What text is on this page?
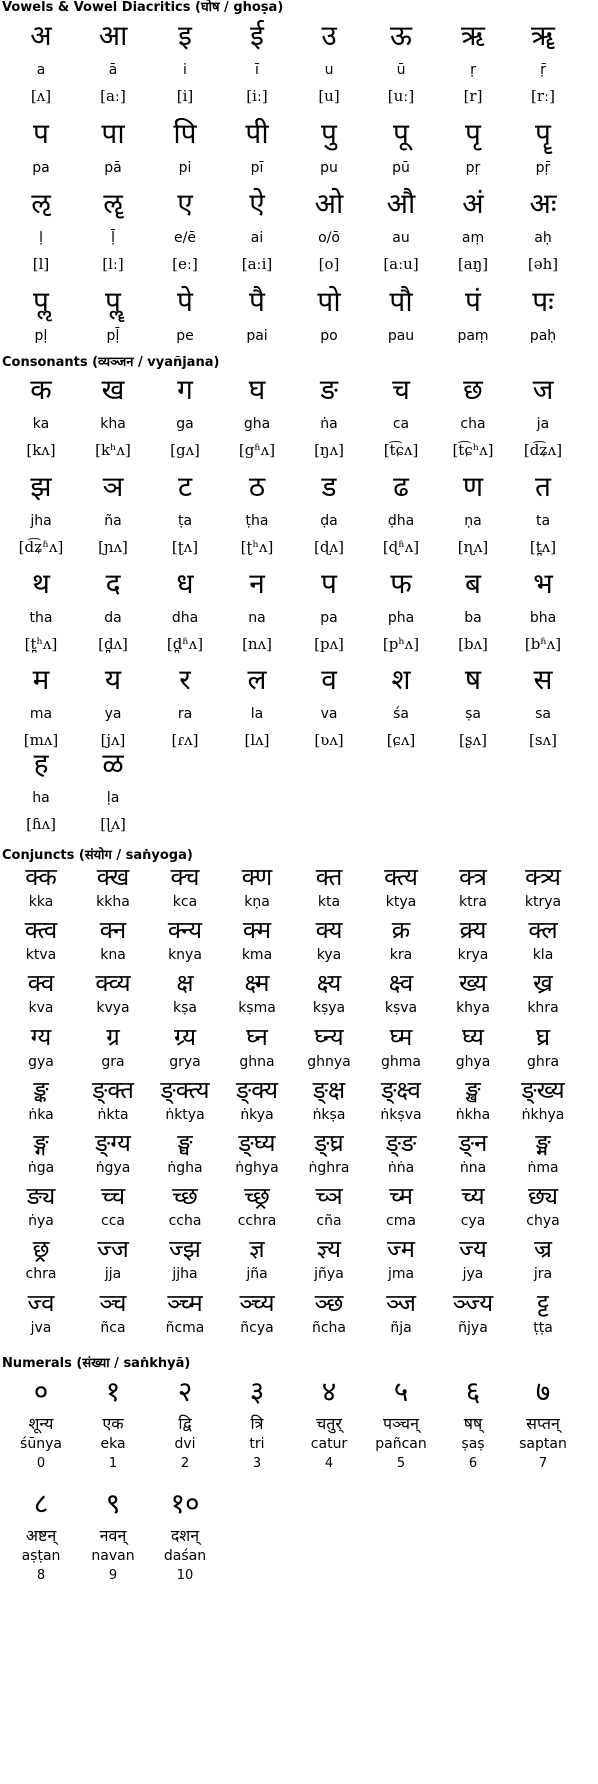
Vowels & Vowel Diacritics (घोष / ghoṣa)
अ
a
[ʌ]
आ
ā
[aː]
इ
i
[i]
ई
ī
[iː]
उ
u
[u]
ऊ
ū
[uː]
ऋ
ṛ
[r]
ॠ
ṝ
[rː]
प
pa
पा
pā
पि
pi
पी
pī
पु
pu
पू
pū
पृ
pṛ
पॄ
pṝ
ऌ
ḷ
[l]
ॡ
ḹ
[lː]
ए
e/ē
[eː]
ऐ
ai
[aːi]
ओ
o/ō
[o]
औ
au
[aːu]
अं
aṃ
[aŋ]
अः
aḥ
[əh]
पॢ
pḷ
पॣ
pḹ
पे
pe
पै
pai
पो
po
पौ
pau
पं
paṃ
पः
paḥ
Consonants (व्यञ्जन / vyañjana)
क
ka
[kʌ]
ख
kha
[kʰʌ]
ग
ga
[gʌ]
घ
gha
[gʱʌ]
ङ
ṅa
[ŋʌ]
च
ca
[t͡ɕʌ]
छ
cha
[t͡ɕʰʌ]
ज
ja
[d͡ʑʌ]
झ
jha
[d͡ʑʱʌ]
ञ
ña
[ɲʌ]
ट
ṭa
[ʈʌ]
ठ
ṭha
[ʈʰʌ]
ड
ḍa
[ɖʌ]
ढ
ḍha
[ɖʱʌ]
ण
ṇa
[ɳʌ]
त
ta
[t̪ʌ]
थ
tha
[t̪ʰʌ]
द
da
[d̪ʌ]
ध
dha
[d̪ʱʌ]
न
na
[nʌ]
प
pa
[pʌ]
फ
pha
[pʰʌ]
ब
ba
[bʌ]
भ
bha
[bʱʌ]
म
ma
[mʌ]
य
ya
[jʌ]
र
ra
[ɾʌ]
ल
la
[lʌ]
व
va
[ʋʌ]
श
śa
[ɕʌ]
ष
ṣa
[ʂʌ]
स
sa
[sʌ]
ह
ha
[ɦʌ]
ळ
ḷa
[ɭʌ]
Conjuncts (संयोग / saṅyoga)
क्क
kka
क्ख
kkha
क्च
kca
क्ण
kṇa
क्त
kta
क्त्य
ktya
क्त्र
ktra
क्त्र्य
ktrya
क्त्व
ktva
क्न
kna
क्न्य
knya
क्म
kma
क्य
kya
क्र
kra
क्र्य
krya
क्ल
kla
क्व
kva
क्व्य
kvya
क्ष
kṣa
क्ष्म
kṣma
क्ष्य
kṣya
क्ष्व
kṣva
ख्य
khya
ख्र
khra
ग्य
gya
ग्र
gra
ग्र्य
grya
घ्न
ghna
घ्न्य
ghnya
घ्म
ghma
घ्य
ghya
घ्र
ghra
ङ्क
ṅka
ङ्क्त
ṅkta
ङ्क्त्य
ṅktya
ङ्क्य
ṅkya
ङ्क्ष
ṅkṣa
ङ्क्ष्व
ṅkṣva
ङ्ख
ṅkha
ङ्ख्य
ṅkhya
ङ्ग
ṅga
ङ्ग्य
ṅgya
ङ्घ
ṅgha
ङ्घ्य
ṅghya
ङ्घ्र
ṅghra
ङ्ङ
ṅṅa
ङ्न
ṅna
ङ्म
ṅma
ङ्य
ṅya
च्च
cca
च्छ
ccha
च्छ्र
cchra
च्ञ
cña
च्म
cma
च्य
cya
छ्य
chya
छ्र
chra
ज्ज
jja
ज्झ
jjha
ज्ञ
jña
ज्ञ्य
jñya
ज्म
jma
ज्य
jya
ज्र
jra
ज्व
jva
ञ्च
ñca
ञ्च्म
ñcma
ञ्च्य
ñcya
ञ्छ
ñcha
ञ्ज
ñja
ञ्ज्य
ñjya
ट्ट
ṭṭa
Numerals (संख्या / saṅkhyā)
०
शून्य
śūnya
0
१
एक
eka
1
२
द्वि
dvi
2
३
त्रि
tri
3
४
चतुर्
catur
4
५
पञ्चन्
pañcan
5
६
षष्
ṣaṣ
6
७
सप्तन्
saptan
7
८
अष्टन्
aṣṭan
8
९
नवन्
navan
9
१०
दशन्
daśan
10
